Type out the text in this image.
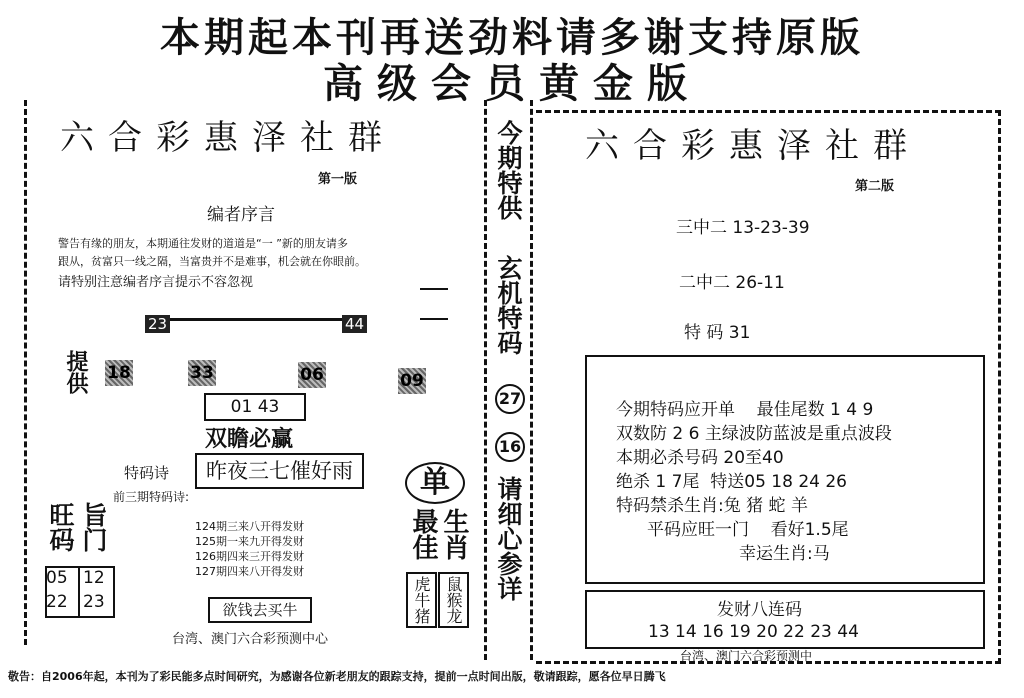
本期起本刊再送劲料请多谢支持原版
高级会员黄金版
六合彩惠泽社群
第一版
编者序言
警告有缘的朋友，本期通往发财的道道是“一 ”新的朋友请多
跟从，贫富只一线之隔，当富贵并不是难事，机会就在你眼前。
请特别注意编者序言提示不容忽视
23	44
提供 18	33	06	09
01 43
双瞻必赢
特码诗	昨夜三七催好雨
前三期特码诗:
124期三来八开得发财
125期一来九开得发财
126期四来三开得发财
127期四来八开得发财
旺码 旨门
05 12
22 23
单
最佳 生肖
虎牛猪 鼠猴龙
欲钱去买牛
台湾、澳门六合彩预测中心
今期特供
玄机特码
27
16
请细心参详
六合彩惠泽社群
第二版
三中二 13-23-39
二中二 26-11
特 码 31
今期特码应开单    最佳尾数 1 4 9
双数防 2 6 主绿波防蓝波是重点波段
本期必杀号码 20至40
绝杀 1 7尾  特送05 18 24 26
特码禁杀生肖:兔 猪 蛇 羊
平码应旺一门    看好1.5尾
幸运生肖:马
发财八连码
13 14 16 19 20 22 23 44
台湾、澳门六合彩预测中
敬告：自2006年起，本刊为了彩民能多点时间研究，为感谢各位新老朋友的跟踪支持，提前一点时间出版，敬请跟踪，愿各位早日腾飞
